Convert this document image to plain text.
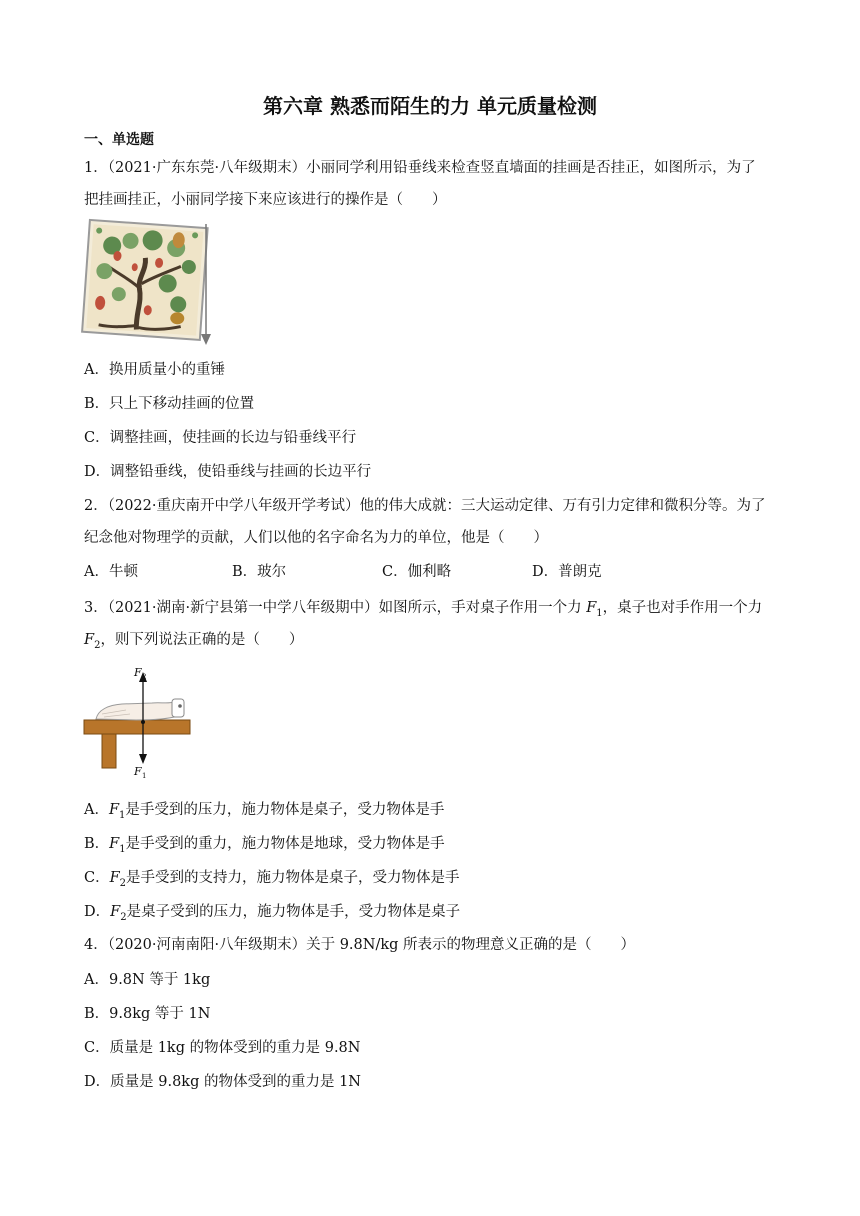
第六章 熟悉而陌生的力 单元质量检测
一、单选题
1．（2021·广东东莞·八年级期末）小丽同学利用铅垂线来检查竖直墙面的挂画是否挂正，如图所示，为了
把挂画挂正，小丽同学接下来应该进行的操作是（　　）
A．换用质量小的重锤
B．只上下移动挂画的位置
C．调整挂画，使挂画的长边与铅垂线平行
D．调整铅垂线，使铅垂线与挂画的长边平行
2．（2022·重庆南开中学八年级开学考试）他的伟大成就：三大运动定律、万有引力定律和微积分等。为了
纪念他对物理学的贡献，人们以他的名字命名为力的单位，他是（　　）
A．牛顿	B．玻尔	C．伽利略	D．普朗克
3．（2021·湖南·新宁县第一中学八年级期中）如图所示，手对桌子作用一个力 $F_1$，桌子也对手作用一个力
$F_2$，则下列说法正确的是（　　）
F 2
F 1
A．$F_1$是手受到的压力，施力物体是桌子，受力物体是手
B．$F_1$是手受到的重力，施力物体是地球，受力物体是手
C．$F_2$是手受到的支持力，施力物体是桌子，受力物体是手
D．$F_2$是桌子受到的压力，施力物体是手，受力物体是桌子
4．（2020·河南南阳·八年级期末）关于 9.8N/kg 所表示的物理意义正确的是（　　）
A．9.8N 等于 1kg
B．9.8kg 等于 1N
C．质量是 1kg 的物体受到的重力是 9.8N
D．质量是 9.8kg 的物体受到的重力是 1N
